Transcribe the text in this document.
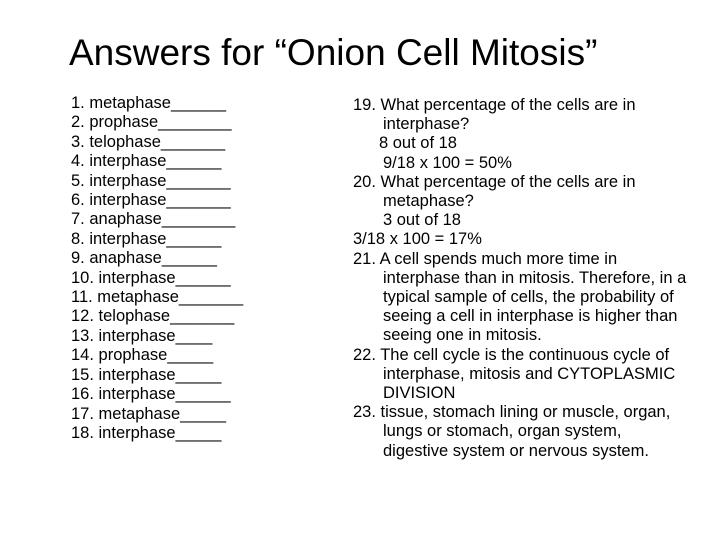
Answers for “Onion Cell Mitosis”
1. metaphase______
2. prophase________
3. telophase_______
4. interphase______
5. interphase_______
6. interphase_______
7. anaphase________
8. interphase______
9. anaphase______
10. interphase______
11. metaphase_______
12. telophase_______
13. interphase____
14. prophase_____
15. interphase_____
16. interphase______
17. metaphase_____
18. interphase_____

19. What percentage of the cells are in interphase?

8 out of 18

9/18 x 100 = 50%

20. What percentage of the cells are in metaphase?

3 out of 18

3/18 x 100 = 17%

21. A cell spends much more time in interphase than in mitosis. Therefore, in a typical sample of cells, the probability of seeing a cell in interphase is higher than seeing one in mitosis.

22. The cell cycle is the continuous cycle of interphase, mitosis and CYTOPLASMIC DIVISION

23. tissue, stomach lining or muscle, organ, lungs or stomach, organ system, digestive system or nervous system.
